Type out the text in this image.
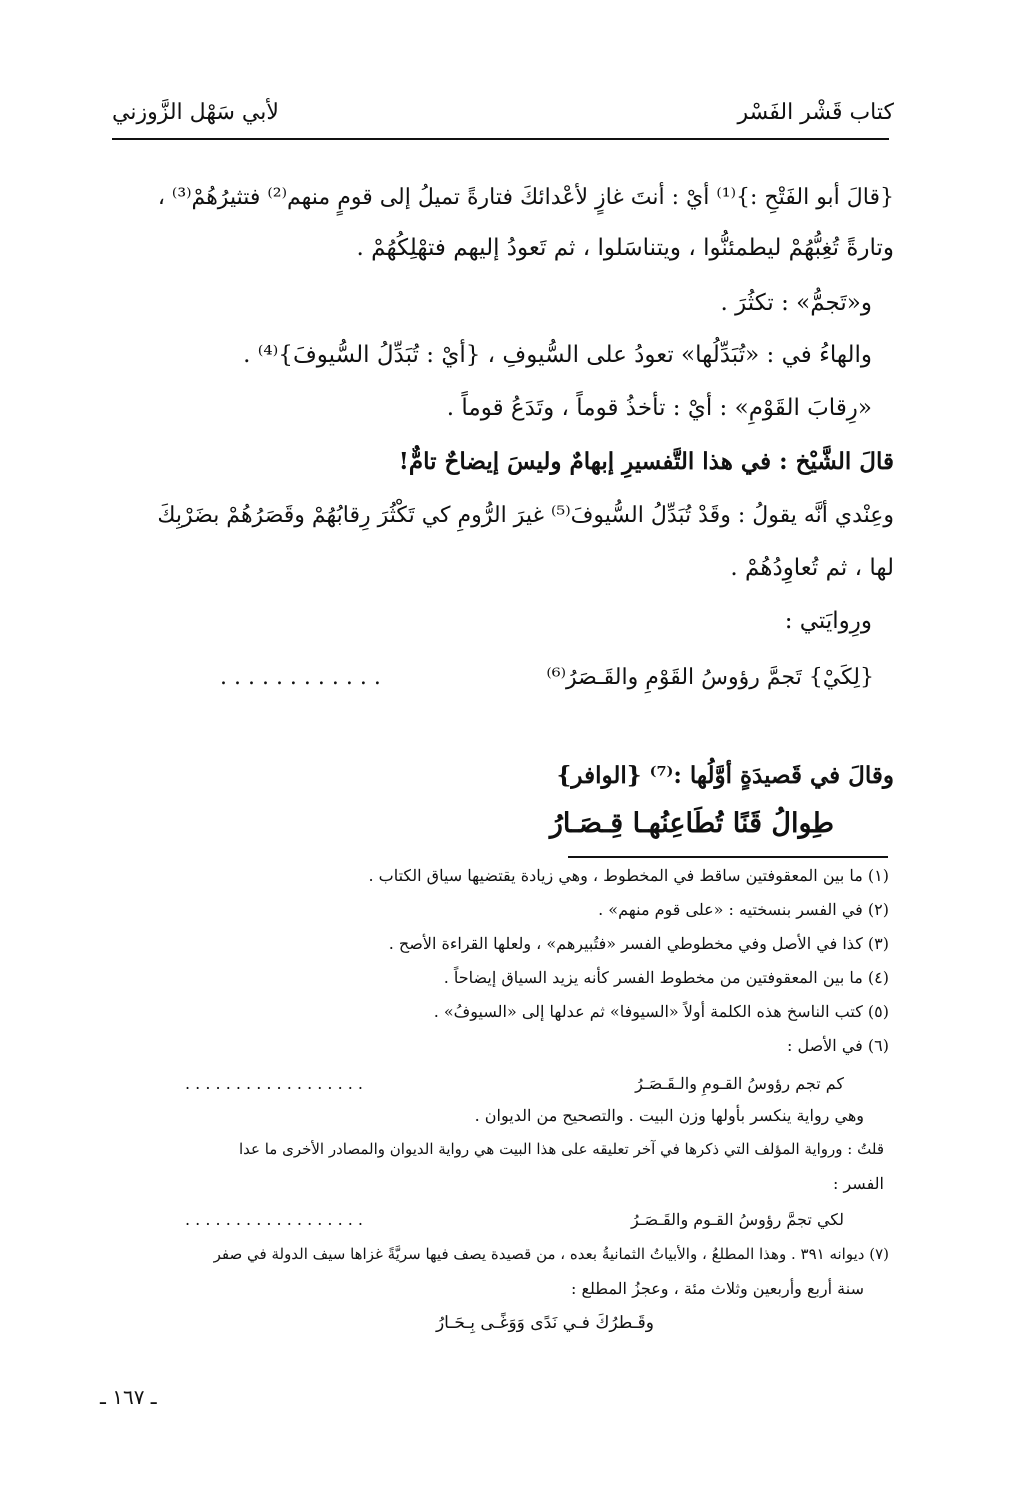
كتاب قَشْر الفَسْر
لأبي سَهْل الزَّوزني
{قالَ أبو الفَتْحِ :}⁽¹⁾ أيْ : أنتَ غازٍ لأعْدائكَ فتارةً تميلُ إلى قومٍ منهم⁽²⁾ فتثيرُهُمْ⁽³⁾ ،
وتارةً تُغِبُّهُمْ ليطمئنُّوا ، ويتناسَلوا ، ثم تَعودُ إليهم فتهْلِكُهُمْ .
و«تَجمُّ» : تكثُرَ .
والهاءُ في : «تُبَدِّلُها» تعودُ على السُّيوفِ ، {أيْ : تُبَدِّلُ السُّيوفَ}⁽⁴⁾ .
«رِقابَ القَوْمِ» : أيْ : تأخذُ قوماً ، وتَدَعُ قوماً .
قالَ الشَّيْخ : في هذا التَّفسيرِ إبهامٌ وليسَ إيضاحٌ تامٌّ!
وعِنْدي أنَّه يقولُ : وقَدْ تُبَدِّلُ السُّيوفَ⁽⁵⁾ غيرَ الرُّومِ كي تَكْثُرَ رِقابُهُمْ وقَصَرُهُمْ بضَرْبِكَ
لها ، ثم تُعاوِدُهُمْ .
ورِوايَتي :
. . . . . . . . . . . .	{لِكَيْ} تَجمَّ رؤوسُ القَوْمِ والقَـصَرُ⁽⁶⁾
وقالَ في قَصيدَةٍ أوَّلُها :⁽⁷⁾ {الوافر}
طِوالُ قَنًا تُطَاعِنُهـا قِـصَـارُ
(١) ما بين المعقوفتين ساقط في المخطوط ، وهي زيادة يقتضيها سياق الكتاب .
(٢) في الفسر بنسختيه : «على قوم منهم» .
(٣) كذا في الأصل وفي مخطوطي الفسر «فتُبيرهم» ، ولعلها القراءة الأصح .
(٤) ما بين المعقوفتين من مخطوط الفسر كأنه يزيد السياق إيضاحاً .
(٥) كتب الناسخ هذه الكلمة أولاً «السيوفا» ثم عدلها إلى «السيوفُ» .
(٦) في الأصل :
. . . . . . . . . . . . . . . . . .	كم تجم رؤوسُ القـومِ والـقَـصَـرُ
وهي رواية ينكسر بأولها وزن البيت . والتصحيح من الديوان .
قلتُ : ورواية المؤلف التي ذكرها في آخر تعليقه على هذا البيت هي رواية الديوان والمصادر الأخرى ما عدا
الفسر :
. . . . . . . . . . . . . . . . . .	لكي تجمَّ رؤوسُ القـوم والقَـصَـرُ
(٧) ديوانه ٣٩١ . وهذا المطلعُ ، والأبياتُ الثمانيةُ بعده ، من قصيدة يصف فيها سريَّةً غزاها سيف الدولة في صفر
سنة أربع وأربعين وثلاث مئة ، وعجزُ المطلع :
وقَـطرُكَ فـي نَدًى وَوَغًـى بِـحَـارُ
ـ ١٦٧ ـ
